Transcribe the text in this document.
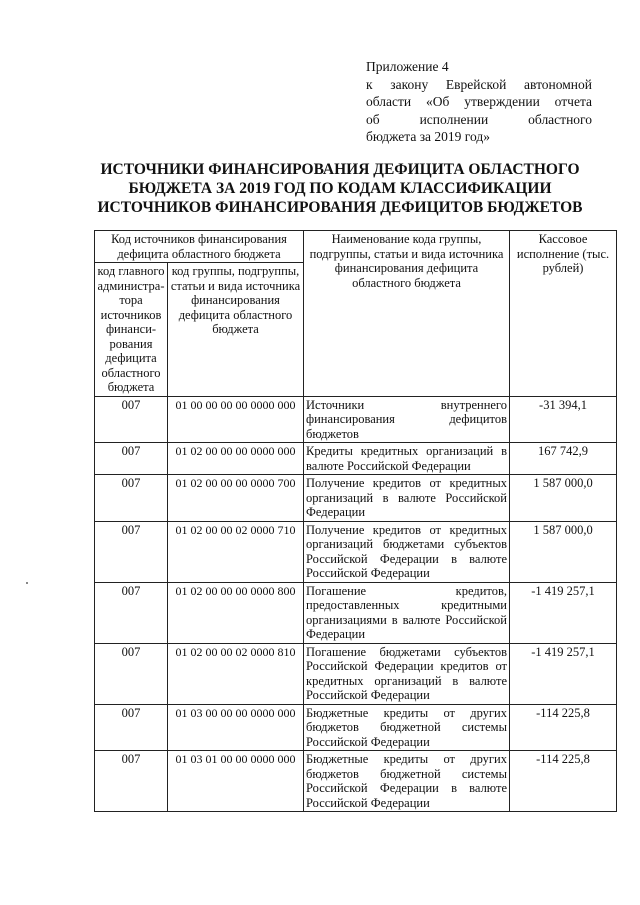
Приложение 4
к закону Еврейской автономной
области «Об утверждении отчета
об исполнении областного
бюджета за 2019 год»
ИСТОЧНИКИ ФИНАНСИРОВАНИЯ ДЕФИЦИТА ОБЛАСТНОГО
БЮДЖЕТА ЗА 2019 ГОД ПО КОДАМ КЛАССИФИКАЦИИ
ИСТОЧНИКОВ ФИНАНСИРОВАНИЯ ДЕФИЦИТОВ БЮДЖЕТОВ
Код источников финансирования дефицита областного бюджета		Наименование кода группы, подгруппы, статьи и вида источника финансирования дефицита областного бюджета	Кассовое исполнение (тыс. рублей)
код главного администра-тора источников финанси-рования дефицита областного бюджета	код группы, подгруппы, статьи и вида источника финансирования дефицита областного бюджета		
007	01 00 00 00 00 0000 000	Источники внутреннего финансирования дефицитов бюджетов	-31 394,1
007	01 02 00 00 00 0000 000	Кредиты кредитных организаций в валюте Российской Федерации	167 742,9
007	01 02 00 00 00 0000 700	Получение кредитов от кредитных организаций в валюте Российской Федерации	1 587 000,0
007	01 02 00 00 02 0000 710	Получение кредитов от кредитных организаций бюджетами субъектов Российской Федерации в валюте Российской Федерации	1 587 000,0
007	01 02 00 00 00 0000 800	Погашение кредитов, предоставленных кредитными организациями в валюте Российской Федерации	-1 419 257,1
007	01 02 00 00 02 0000 810	Погашение бюджетами субъектов Российской Федерации кредитов от кредитных организаций в валюте Российской Федерации	-1 419 257,1
007	01 03 00 00 00 0000 000	Бюджетные кредиты от других бюджетов бюджетной системы Российской Федерации	-114 225,8
007	01 03 01 00 00 0000 000	Бюджетные кредиты от других бюджетов бюджетной системы Российской Федерации в валюте Российской Федерации	-114 225,8
